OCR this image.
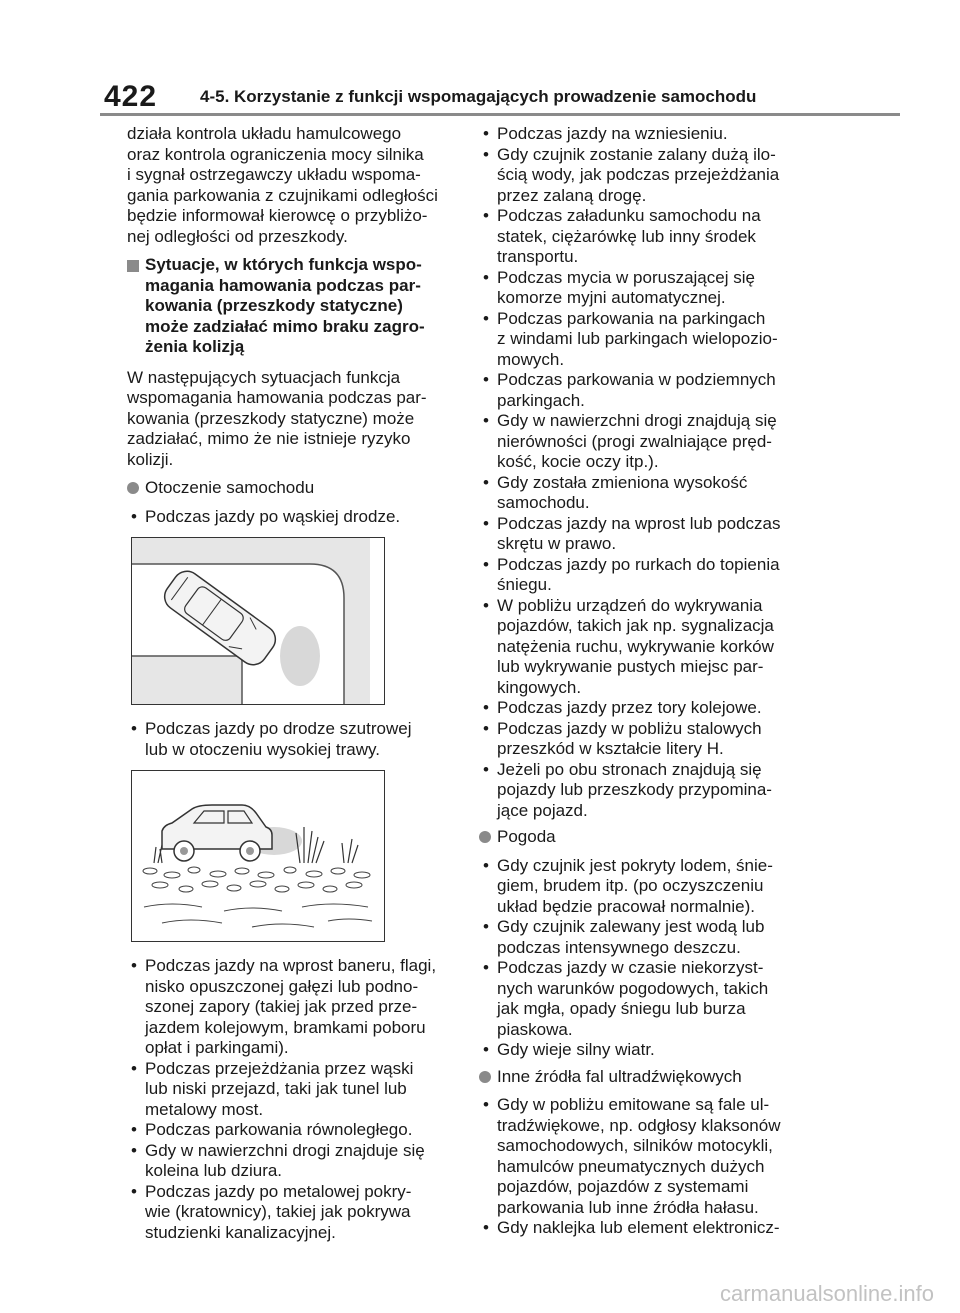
422	4-5. Korzystanie z funkcji wspomagających prowadzenie samochodu

działa kontrola układu hamulcowego
oraz kontrola ograniczenia mocy silnika
i sygnał ostrzegawczy układu wspoma-
gania parkowania z czujnikami odległości
będzie informował kierowcę o przybliżo-
nej odległości od przeszkody.

Sytuacje, w których funkcja wspo-
magania hamowania podczas par-
kowania (przeszkody statyczne)
może zadziałać mimo braku zagro-
żenia kolizją

W następujących sytuacjach funkcja
wspomagania hamowania podczas par-
kowania (przeszkody statyczne) może
zadziałać, mimo że nie istnieje ryzyko
kolizji.

Otoczenie samochodu
• Podczas jazdy po wąskiej drodze.
• Podczas jazdy po drodze szutrowej
lub w otoczeniu wysokiej trawy.
• Podczas jazdy na wprost baneru, flagi,
nisko opuszczonej gałęzi lub podno-
szonej zapory (takiej jak przed prze-
jazdem kolejowym, bramkami poboru
opłat i parkingami).
• Podczas przejeżdżania przez wąski
lub niski przejazd, taki jak tunel lub
metalowy most.
• Podczas parkowania równoległego.
• Gdy w nawierzchni drogi znajduje się
koleina lub dziura.
• Podczas jazdy po metalowej pokry-
wie (kratownicy), takiej jak pokrywa
studzienki kanalizacyjnej.
• Podczas jazdy na wzniesieniu.
• Gdy czujnik zostanie zalany dużą ilo-
ścią wody, jak podczas przejeżdżania
przez zalaną drogę.
• Podczas załadunku samochodu na
statek, ciężarówkę lub inny środek
transportu.
• Podczas mycia w poruszającej się
komorze myjni automatycznej.
• Podczas parkowania na parkingach
z windami lub parkingach wielopozio-
mowych.
• Podczas parkowania w podziemnych
parkingach.
• Gdy w nawierzchni drogi znajdują się
nierówności (progi zwalniające pręd-
kość, kocie oczy itp.).
• Gdy została zmieniona wysokość
samochodu.
• Podczas jazdy na wprost lub podczas
skrętu w prawo.
• Podczas jazdy po rurkach do topienia
śniegu.
• W pobliżu urządzeń do wykrywania
pojazdów, takich jak np. sygnalizacja
natężenia ruchu, wykrywanie korków
lub wykrywanie pustych miejsc par-
kingowych.
• Podczas jazdy przez tory kolejowe.
• Podczas jazdy w pobliżu stalowych
przeszkód w kształcie litery H.
• Jeżeli po obu stronach znajdują się
pojazdy lub przeszkody przypomina-
jące pojazd.
Pogoda
• Gdy czujnik jest pokryty lodem, śnie-
giem, brudem itp. (po oczyszczeniu
układ będzie pracował normalnie).
• Gdy czujnik zalewany jest wodą lub
podczas intensywnego deszczu.
• Podczas jazdy w czasie niekorzyst-
nych warunków pogodowych, takich
jak mgła, opady śniegu lub burza
piaskowa.
• Gdy wieje silny wiatr.
Inne źródła fal ultradźwiękowych
• Gdy w pobliżu emitowane są fale ul-
tradźwiękowe, np. odgłosy klaksonów
samochodowych, silników motocykli,
hamulców pneumatycznych dużych
pojazdów, pojazdów z systemami
parkowania lub inne źródła hałasu.
• Gdy naklejka lub element elektronicz-
carmanualsonline.info
